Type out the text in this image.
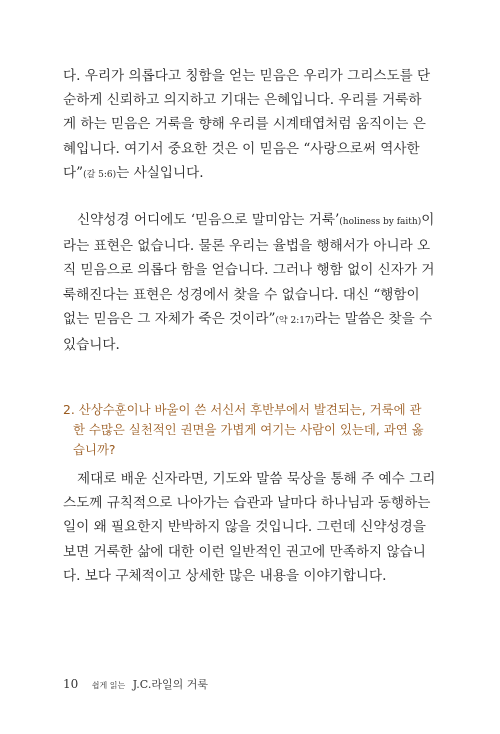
다. 우리가 의롭다고 칭함을 얻는 믿음은 우리가 그리스도를 단
순하게 신뢰하고 의지하고 기대는 은혜입니다. 우리를 거룩하
게 하는 믿음은 거룩을 향해 우리를 시계태엽처럼 움직이는 은
혜입니다. 여기서 중요한 것은 이 믿음은 “사랑으로써 역사한
다”(갈 5:6)는 사실입니다.

신약성경 어디에도 ‘믿음으로 말미암는 거룩’(holiness by faith)이
라는 표현은 없습니다. 물론 우리는 율법을 행해서가 아니라 오
직 믿음으로 의롭다 함을 얻습니다. 그러나 행함 없이 신자가 거
룩해진다는 표현은 성경에서 찾을 수 없습니다. 대신 “행함이
없는 믿음은 그 자체가 죽은 것이라”(약 2:17)라는 말씀은 찾을 수
있습니다.

2. 산상수훈이나 바울이 쓴 서신서 후반부에서 발견되는, 거룩에 관
한 수많은 실천적인 권면을 가볍게 여기는 사람이 있는데, 과연 옳
습니까?

제대로 배운 신자라면, 기도와 말씀 묵상을 통해 주 예수 그리
스도께 규칙적으로 나아가는 습관과 날마다 하나님과 동행하는
일이 왜 필요한지 반박하지 않을 것입니다. 그런데 신약성경을
보면 거룩한 삶에 대한 이런 일반적인 권고에 만족하지 않습니
다. 보다 구체적이고 상세한 많은 내용을 이야기합니다.

10 쉽게 읽는 J.C.라일의 거룩
